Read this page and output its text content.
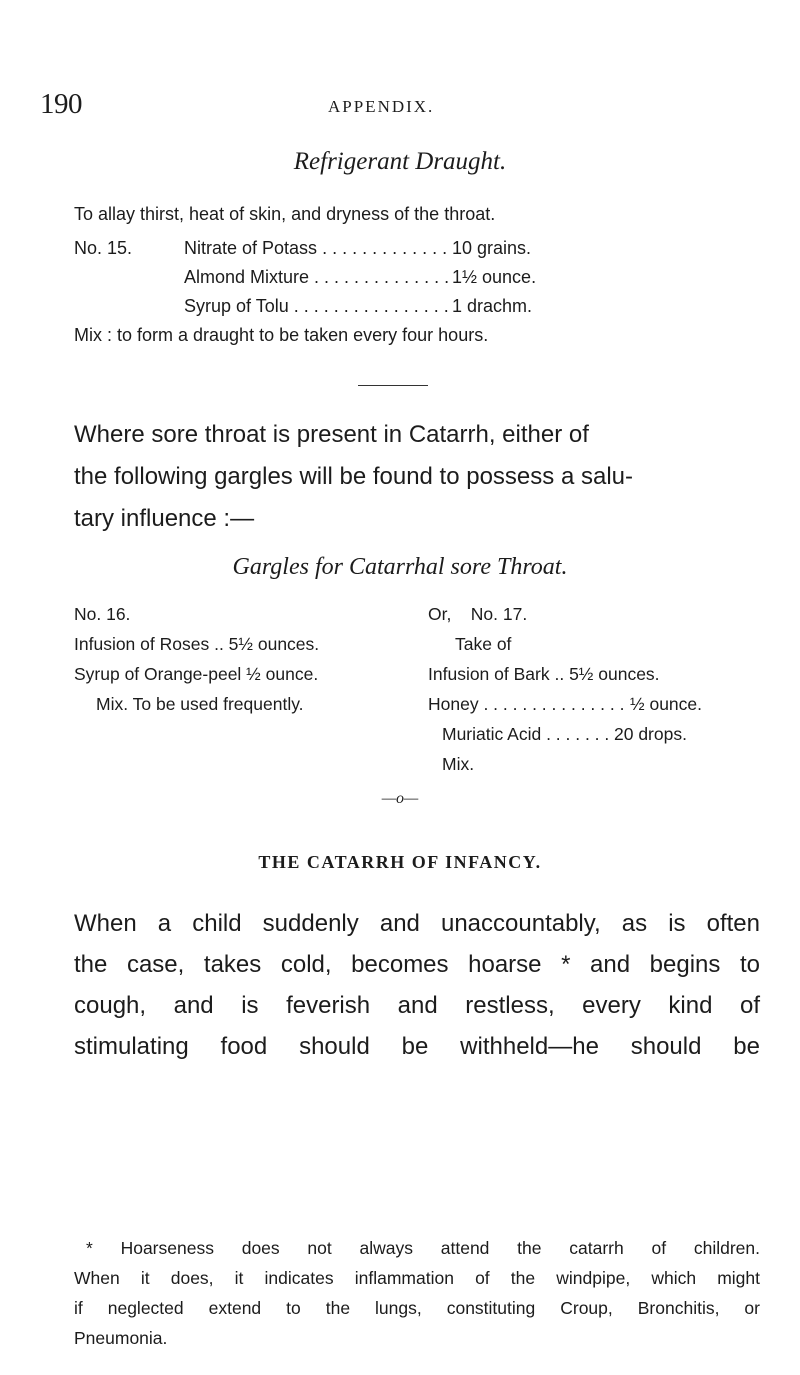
190	APPENDIX.
Refrigerant Draught.
To allay thirst, heat of skin, and dryness of the throat.
No. 15.	Nitrate of Potass . . .	10 grains.
Almond Mixture . . .	1½ ounce.
Syrup of Tolu . . .	1 drachm.
Mix : to form a draught to be taken every four hours.
Where sore throat is present in Catarrh, either of
the following gargles will be found to possess a salu-
tary influence :—
Gargles for Catarrhal sore Throat.
No. 16.
Infusion of Roses .. 5½ ounces.
Syrup of Orange-peel ½ ounce.
Mix. To be used frequently.
Or,    No. 17.
Take of
Infusion of Bark .. 5½ ounces.
Honey . . .	½ ounce.
Muriatic Acid . . .	20 drops.
Mix.
—o—
THE CATARRH OF INFANCY.
When a child suddenly and unaccountably, as is often
the case, takes cold, becomes hoarse * and begins to
cough, and is feverish and restless, every kind of
stimulating food should be withheld—he should be
* Hoarseness does not always attend the catarrh of children.
When it does, it indicates inflammation of the windpipe, which might
if neglected extend to the lungs, constituting Croup, Bronchitis, or
Pneumonia.
